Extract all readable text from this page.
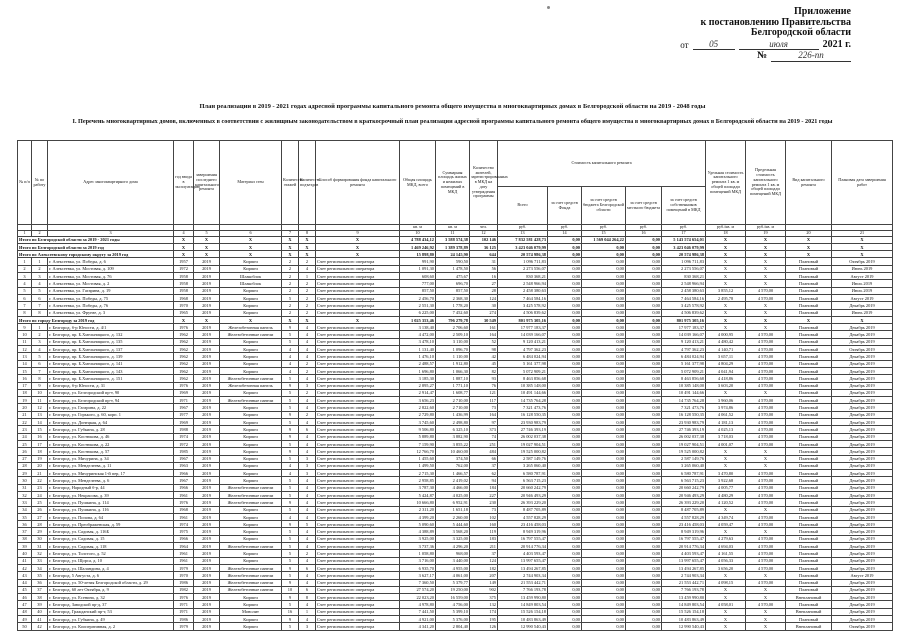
Приложение
к постановлению Правительства
Белгородской области
от	05	июля	2021 г.
№	226-пп
План реализации в 2019 - 2021 годах адресной программы капитального ремонта общего имущества в многоквартирных домах в Белгородской области на 2019 - 2048 годы
I. Перечень многоквартирных домов, включенных в соответствии с жилищным законодательством в краткосрочный план реализации адресной программы капитального ремонта общего имущества в многоквартирных домах в Белгородской области на 2019 - 2021 годы
№ п/п	№ по работу	Адрес многоквартирного дома	год ввода в эксплуатацию	завершения последнего капитального ремонта	Материал стен	Количество этажей	Количество подъездов	Способ формирования фонда капитального ремонта	Общая площадь МКД, всего	Суммарная площадь жилых и нежилых помещений в МКД	Количество жителей, зарегистрированных в МКД на дату утверждения программы	Стоимость капитального ремонта					Удельная стоимость капитального ремонта 1 кв. м общей площади помещений МКД	Предельная стоимость капитального ремонта 1 кв. м общей площади помещений МКД	Вид капитального ремонта	Плановая дата завершения работ
												Всего	за счет средств Фонда	за счет средств бюджета Белгородской области	за счет средств местного бюджета	за счет средств собственников помещений в МКД				
									кв. м	кв. м	чел.	руб.	руб.	руб.	руб.	руб.	руб./кв. м	руб./кв. м		
1	2	3	4	5	6	7	8	9	10	11	12	13	14	15	16	17	18	19	20	21
Итого по Белгородской области за 2019 - 2021 годы			X	X	X	X	X	X	4 788 434,12	3 588 574,38	102 146	7 832 581 428,73	0,00	1 569 044 264,22	0,00	5 143 574 654,01	X	X	X	X
Итого по Белгородской области за 2019 год			X	X	X	X	X	X	1 469 246,92	1 389 378,89	36 125	3 423 046 079,99	0,00	0,00	0,00	3 423 046 079,99	X	X	X	X
Итого по Алексеевскому городскому округу за 2019 год			X	X	X	X	X	X	15 898,80	24 145,90	644	20 574 986,38	0,00	0,00	0,00	20 574 986,38	X	X	X	X
1	1	г. Алексеевка, ул. Победы, д. 6	1957	2019	Кирпич	2	2	Счет регионального оператора	991,90	590,50	31	1 096 711,83	0,00	0,00	0,00	1 096 711,83	X	X	Плановый	Октябрь 2019
2	2	г. Алексеевка, ул. Мостовая, д. 109	1972	2019	Кирпич	2	4	Счет регионального оператора	1 091,30	1 478,50	56	2 273 556,07	0,00	0,00	0,00	2 273 556,07	X	X	Плановый	Июнь 2019
3	3	г. Алексеевка, ул. Мостовая, д. 76	1958	2019	Шлакоблок	2	1	Счет регионального оператора	608,60	475,67	16	830 368,21	0,00	0,00	0,00	830 368,21	X	X	Плановый	Август 2019
4	4	г. Алексеевка, ул. Мостовая, д. 2	1958	2019	Шлакоблок	2	2	Счет регионального оператора	777,00	696,70	27	2 548 966,94	0,00	0,00	0,00	2 548 966,94	X	X	Плановый	Июль 2019
5	5	г. Алексеевка, ул. Гагарина, д. 19	1958	2019	Кирпич	2	2	Счет регионального оператора	857,50	857,50	28	2 458 380,63	0,00	0,00	0,00	2 458 380,63	3 855,12	4 570,00	Плановый	Июль 2019
6	6	г. Алексеевка, ул. Победы, д. 75	1968	2019	Кирпич	5	2	Счет регионального оператора	2 456,70	2 368,30	124	7 464 584,16	0,00	0,00	0,00	7 464 584,16	2 495,78	4 570,00	Плановый	Август 2019
7	7	г. Алексеевка, ул. Победы, д. 76	1970	2019	Кирпич	2	2	Счет регионального оператора	2 551,30	1 778,20	30	3 425 578,92	0,00	0,00	0,00	3 425 578,92	X	X	Плановый	Декабрь 2019
8	8	г. Алексеевка, ул. Фрунзе, д. 3	1965	2019	Кирпич	2	2	Счет регионального оператора	6 225,00	7 452,60	274	4 506 839,62	0,00	0,00	0,00	4 506 839,62	X	X	Плановый	Июнь 2019
Итого по городу Белгороду за 2019 год			X	X	X	X	X	X	1 025 353,46	796 279,78	30 549	801 975 305,16	0,00	0,00	0,00	801 975 305,16	X	X	X	X
9	1	г. Белгород, б-р Юности, д. 4/1	1976	2019	Железобетонная панель	9	4	Счет регионального оператора	3 138,40	2 706,60	161	17 977 183,37	0,00	0,00	0,00	17 977 183,37	X	X	Плановый	Декабрь 2019
10	2	г. Белгород, пр. Б.Хмельницкого, д. 132	1962	2019	Железобетонные панели	5	4	Счет регионального оператора	4 472,00	2 509,10	164	14 039 166,07	0,00	0,00	0,00	14 039 166,07	4 000,95	4 570,00	Плановый	Декабрь 2019
11	3	г. Белгород, пр. Б.Хмельницкого, д. 135	1962	2019	Кирпич	5	4	Счет регионального оператора	3 478,10	3 110,00	52	9 120 413,21	0,00	0,00	0,00	9 120 413,21	4 480,42	4 570,00	Плановый	Декабрь 2019
12	4	г. Белгород, пр. Б.Хмельницкого, д. 137	1962	2019	Кирпич	4	4	Счет регионального оператора	1 131,40	1 096,70	98	4 797 362,23	0,00	0,00	0,00	4 797 362,23	4 140,71	4 570,00	Плановый	Октябрь 2019
13	5	г. Белгород, пр. Б.Хмельницкого, д. 139	1962	2019	Кирпич	4	4	Счет регионального оператора	1 476,10	1 110,00	42	6 484 024,94	0,00	0,00	0,00	6 484 024,94	3 657,11	4 570,00	Плановый	Декабрь 2019
14	6	г. Белгород, пр. Б.Хмельницкого, д. 141	1962	2019	Кирпич	4	2	Счет регионального оператора	2 488,57	1 912,80	45	5 161 377,98	0,00	0,00	0,00	5 161 377,98	4 804,29	4 570,00	Плановый	Декабрь 2019
15	7	г. Белгород, пр. Б.Хмельницкого, д. 143	1962	2019	Кирпич	4	2	Счет регионального оператора	1 696,80	1 066,30	82	5 072 909,21	0,00	0,00	0,00	5 072 909,21	4 041,94	4 570,00	Плановый	Декабрь 2019
16	8	г. Белгород, пр. Б.Хмельницкого, д. 151	1962	2019	Железобетонные панели	5	4	Счет регионального оператора	3 185,30	1 887,10	93	8 463 856,68	0,00	0,00	0,00	8 463 856,68	4 418,86	4 570,00	Плановый	Декабрь 2019
17	9	г. Белгород, б-р Юности, д. 31	1976	2019	Железобетонная панель	9	3	Счет регионального оператора	2 895,27	1 771,10	76	10 385 148,00	0,00	0,00	0,00	10 385 148,00	3 603,20	4 570,00	Плановый	Декабрь 2019
18	10	г. Белгород, ул. Белгородский пр-т, 90	1969	2019	Кирпич	5	2	Счет регионального оператора	2 914,47	1 608,77	121	10 491 144,66	0,00	0,00	0,00	10 491 144,66	X	X	Плановый	Декабрь 2019
19	11	г. Белгород, ул. Белгородский пр-т, 94	1971	2019	Железобетонные панели	5	4	Счет регионального оператора	3 656,23	2 710,00	117	14 735 764,28	0,00	0,00	0,00	14 735 764,28	3 960,06	4 570,00	Плановый	Декабрь 2019
20	12	г. Белгород, ул. Гагарина, д. 22	1967	2019	Кирпич	5	4	Счет регионального оператора	2 822,60	2 710,00	73	7 321 473,76	0,00	0,00	0,00	7 321 473,76	3 974,86	4 570,00	Плановый	Декабрь 2019
21	13	г. Белгород, ул. Горького, д. 60, корп. 1	1977	2019	Кирпич	9	2	Счет регионального оператора	2 729,80	1 436,99	164	16 128 550,35	0,00	0,00	0,00	16 128 550,35	4 061,52	4 570,00	Плановый	Декабрь 2019
22	14	г. Белгород, ул. Донецкая, д. 64	1969	2019	Кирпич	5	4	Счет регионального оператора	3 745,60	2 498,80	97	23 930 983,79	0,00	0,00	0,00	23 930 983,79	4 181,13	4 570,00	Плановый	Декабрь 2019
23	15	г. Белгород, ул. Губкина, д. 28	1988	2019	Кирпич	9	6	Счет регионального оператора	9 506,80	6 325,10	373	27 746 393,19	0,00	0,00	0,00	27 746 393,19	4 025,13	4 570,00	Плановый	Декабрь 2019
24	16	г. Белгород, ул. Костюкова, д. 46	1974	2019	Кирпич	9	4	Счет регионального оператора	5 889,80	3 882,90	74	26 002 037,38	0,00	0,00	0,00	26 002 037,38	3 718,03	4 570,00	Плановый	Декабрь 2019
25	17	г. Белгород, ул. Костюкова, д. 22	1972	2019	Кирпич	5	4	Счет регионального оператора	7 159,90	3 855,22	251	19 027 904,51	0,00	0,00	0,00	19 027 904,51	4 001,07	4 570,00	Плановый	Декабрь 2019
26	18	г. Белгород, ул. Костюкова, д. 57	1985	2019	Кирпич	9	4	Счет регионального оператора	12 766,70	10 460,00	484	19 525 000,82	0,00	0,00	0,00	19 525 000,82	X	X	Плановый	Декабрь 2019
27	19	г. Белгород, ул. Мичурина, д. 34	1967	2019	Кирпич	5	3	Счет регионального оператора	1 455,60	374,50	66	2 587 149,76	0,00	0,00	0,00	2 587 149,76	X	X	Плановый	Декабрь 2019
28	20	г. Белгород, ул. Менделеева, д. 11	1963	2019	Кирпич	4	3	Счет регионального оператора	1 499,50	762,00	37	3 265 060,40	0,00	0,00	0,00	3 265 060,40	X	X	Плановый	Декабрь 2019
29	21	г. Белгород, ул. Мичуринская 1-й пер, 17	1966	2019	Кирпич	4	3	Счет регионального оператора	2 715,30	1 466,57	62	6 580 787,91	0,00	0,00	0,00	6 580 787,91	3 470,80	4 570,00	Плановый	Декабрь 2019
30	22	г. Белгород, ул. Менделеева, д. 6	1967	2019	Кирпич	5	4	Счет регионального оператора	2 958,85	2 419,02	94	6 563 715,23	0,00	0,00	0,00	6 563 715,23	3 922,68	4 570,00	Плановый	Декабрь 2019
31	23	г. Белгород, Народный б-р, 44	1966	2019	Железобетонные панели	5	4	Счет регионального оператора	3 787,30	4 466,00	184	20 660 242,79	0,00	0,00	0,00	20 660 242,79	4 005,77	4 570,00	Плановый	Декабрь 2019
32	24	г. Белгород, ул. Некрасова, д. 39	1961	2019	Железобетонные панели	5	4	Счет регионального оператора	5 424,87	4 025,00	227	20 946 493,29	0,00	0,00	0,00	20 946 493,29	4 480,29	4 570,00	Плановый	Декабрь 2019
33	25	г. Белгород, ул. Пушкина, д. 114	1976	2019	Железобетонные панели	9	4	Счет регионального оператора	10 666,80	6 952,91	230	26 393 229,20	0,00	0,00	0,00	26 393 229,20	4 120,52	4 570,00	Плановый	Декабрь 2019
34	26	г. Белгород, ул. Пушкина, д. 116	1968	2019	Кирпич	5	4	Счет регионального оператора	2 311,20	1 651,18	73	8 487 705,89	0,00	0,00	0,00	8 487 705,89	X	X	Плановый	Декабрь 2019
35	27	г. Белгород, ул. Попова, д. 64	1961	2019	Кирпич	4	4	Счет регионального оператора	4 399,20	2 260,00	102	4 557 828,29	0,00	0,00	0,00	4 557 828,29	4 349,74	4 570,00	Плановый	Декабрь 2019
36	28	г. Белгород, ул. Преображенская, д. 59	1974	2019	Кирпич	9	5	Счет регионального оператора	5 090,60	5 444,60	160	23 416 458,03	0,00	0,00	0,00	23 416 458,03	4 059,47	4 570,00	Плановый	Декабрь 2019
37	29	г. Белгород, ул. Садовая, д. 116Б	1975	2019	Кирпич	5	4	Счет регионального оператора	4 388,89	3 568,20	119	8 949 319,96	0,00	0,00	0,00	8 949 319,96	X	X	Плановый	Декабрь 2019
38	30	г. Белгород, ул. Садовая, д. 15	1966	2019	Кирпич	5	4	Счет регионального оператора	3 925,00	3 325,00	183	16 797 555,47	0,00	0,00	0,00	16 797 555,47	4 279,63	4 570,00	Плановый	Декабрь 2019
39	31	г. Белгород, ул. Садовая, д. 118	1964	2019	Железобетонные панели	5	4	Счет регионального оператора	3 737,36	4 296,20	211	20 914 776,34	0,00	0,00	0,00	20 914 776,34	4 694,03	4 570,00	Плановый	Декабрь 2019
40	32	г. Белгород, ул. Толстого, д. 52	1961	2019	Кирпич	5	2	Счет регионального оператора	1 058,80	968,00	37	4 403 593,47	0,00	0,00	0,00	4 403 593,47	4 161,55	4 570,00	Плановый	Декабрь 2019
41	33	г. Белгород, ул. Щорса, д. 10	1961	2019	Кирпич	5	4	Счет регионального оператора	3 716,00	3 440,00	124	13 997 655,47	0,00	0,00	0,00	13 997 655,47	4 056,33	4 570,00	Плановый	Декабрь 2019
42	34	г. Белгород, ул. Шаландина, д. 4	1979	2019	Железобетонные панели	9	6	Счет регионального оператора	6 935,70	4 955,00	182	13 494 267,85	0,00	0,00	0,00	13 494 267,85	3 656,20	4 570,00	Плановый	Декабрь 2019
43	35	г. Белгород, 5 Августа, д. 6	1970	2019	Железобетонные панели	5	4	Счет регионального оператора	3 627,17	4 061,00	207	2 744 903,34	0,00	0,00	0,00	2 744 903,34	X	X	Плановый	Август 2019
44	36	г. Белгород, ул. 50-летия Белгородской области, д. 29	1986	2019	Железобетонные панели	9	4	Счет регионального оператора	7 360,50	5 379,77	149	21 553 442,71	0,00	0,00	0,00	21 553 442,71	4 098,15	4 570,00	Плановый	Декабрь 2019
45	37	г. Белгород, 60 лет Октября, д. 9	1982	2019	Железобетонные панели	10	6	Счет регионального оператора	27 574,20	19 250,00	902	7 766 193,78	0,00	0,00	0,00	7 766 193,78	X	X	Плановый	Декабрь 2019
46	38	г. Белгород, ул. Есенина, д. 32	1976	2019	Кирпич	9	8	Счет регионального оператора	22 023,20	16 559,00	375	13 459 990,80	0,00	0,00	0,00	13 459 990,80	X	X	Внеплановый	Декабрь 2019
47	39	г. Белгород, Заводской пр-д, 37	1971	2019	Кирпич	5	4	Счет регионального оператора	4 978,80	4 756,00	132	14 849 803,54	0,00	0,00	0,00	14 849 803,54	4 058,01	4 570,00	Плановый	Декабрь 2019
48	40	г. Белгород, Гражданский пр-т, 53	1971	2019	Монолит	16	1	Счет регионального оператора	7 441,50	5 399,10	174	15 526 154,18	0,00	0,00	0,00	15 526 154,18	X	X	Внеплановый	Декабрь 2019
49	41	г. Белгород, ул. Губкина, д. 49	1986	2019	Кирпич	9	4	Счет регионального оператора	4 921,00	5 376,00	195	10 483 863,49	0,00	0,00	0,00	10 483 863,49	X	X	Плановый	Декабрь 2019
50	42	г. Белгород, ул. Кооперативная, д. 2	1979	2019	Кирпич	5	3	Счет регионального оператора	4 341,20	2 804,40	126	12 990 540,43	0,00	0,00	0,00	12 990 540,43	X	X	Внеплановый	Октябрь 2019
